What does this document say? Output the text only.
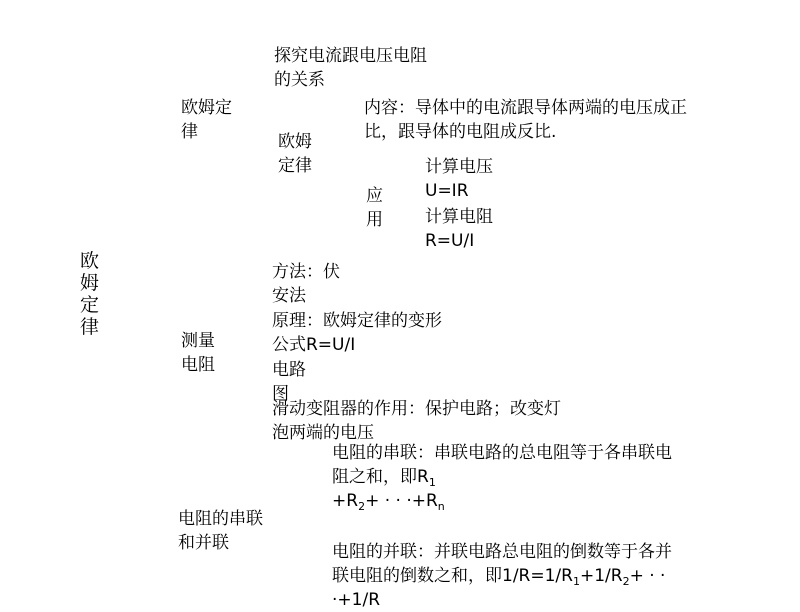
欧姆定律
欧姆定
律
探究电流跟电压电阻
的关系
欧姆
定律
内容：导体中的电流跟导体两端的电压成正
比，跟导体的电阻成反比.
应
用
计算电压
U=IR
计算电阻
R=U/I
测量
电阻
方法：伏
安法
原理：欧姆定律的变形
公式R=U/I
电路
图
滑动变阻器的作用：保护电路；改变灯
泡两端的电压
电阻的串联
和并联
电阻的串联：串联电路的总电阻等于各串联电
阻之和，即$R_1$
$+R_2+$ · · $\cdot+R_n$
电阻的并联：并联电路总电阻的倒数等于各并
联电阻的倒数之和，即$1/R=1/R_1+1/R_2+$ · ·
·+1/R
